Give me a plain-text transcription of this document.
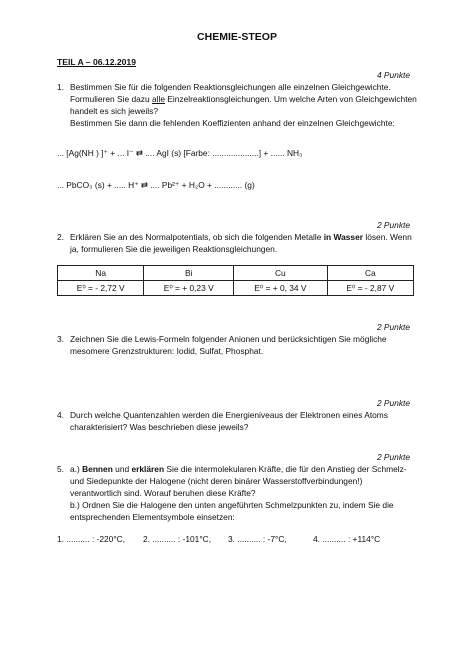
CHEMIE-STEOP
TEIL A – 06.12.2019
4 Punkte
1. Bestimmen Sie für die folgenden Reaktionsgleichungen alle einzelnen Gleichgewichte.
Formulieren Sie dazu alle Einzelreaktionsgleichungen. Um welche Arten von Gleichgewichten
handelt es sich jeweils?
Bestimmen Sie dann die fehlenden Koeffizienten anhand der einzelnen Gleichgewichte:
... [Ag(NH ) ]⁺ + ... I⁻ ⇄ .... AgI (s) [Farbe: ....................] + ...... NH₃
... PbCO₃ (s) + ..... H⁺ ⇄ .... Pb²⁺ + H₂O + ............ (g)
2 Punkte
2. Erklären Sie an des Normalpotentials, ob sich die folgenden Metalle in Wasser lösen. Wenn
ja, formulieren Sie die jeweiligen Reaktionsgleichungen.
Na	Bi	Cu	Ca
E⁰ = - 2,72 V	E⁰ = + 0,23 V	E⁰ = + 0, 34 V	E⁰ = - 2,87 V
2 Punkte
3. Zeichnen Sie die Lewis-Formeln folgender Anionen und berücksichtigen Sie mögliche
mesomere Grenzstrukturen: Iodid, Sulfat, Phosphat.
2 Punkte
4. Durch welche Quantenzahlen werden die Energieniveaus der Elektronen eines Atoms
charakterisiert? Was beschrieben diese jeweils?
2 Punkte
5. a.) Bennen und erklären Sie die intermolekularen Kräfte, die für den Anstieg der Schmelz-
und Siedepunkte der Halogene (nicht deren binärer Wasserstoffverbindungen!)
verantwortlich sind. Worauf beruhen diese Kräfte?
b.) Ordnen Sie die Halogene den unten angeführten Schmelzpunkten zu, indem Sie die
entsprechenden Elementsymbole einsetzen:
1. .......... : -220°C, 2. .......... : -101°C, 3. .......... : -7°C,	4. .......... : +114°C
